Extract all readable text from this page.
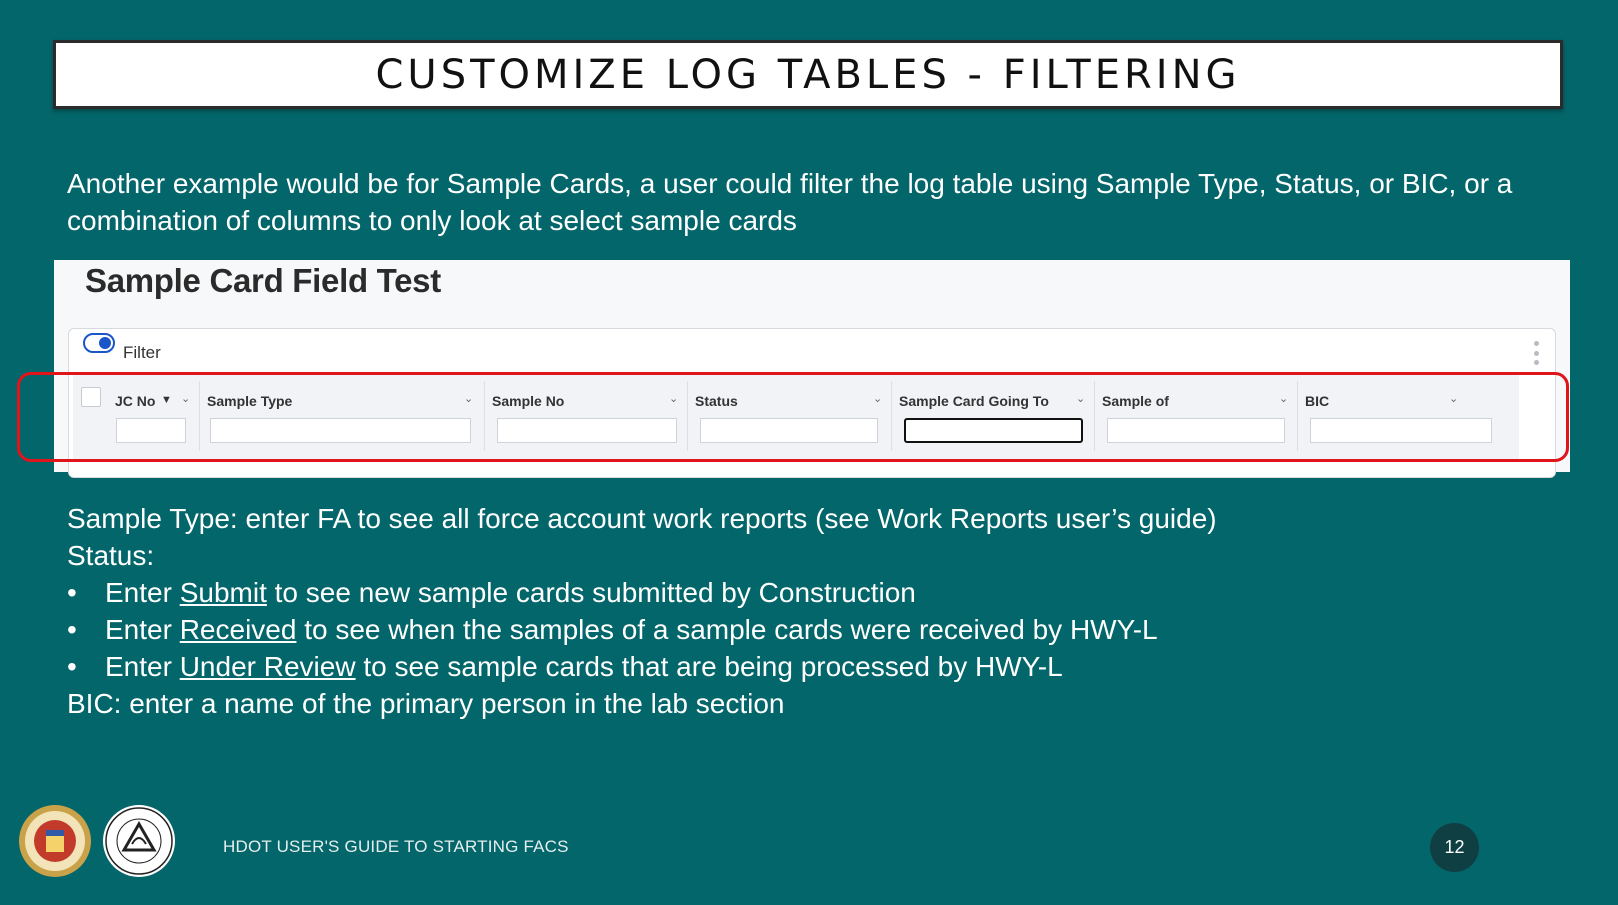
CUSTOMIZE LOG TABLES - FILTERING
Another example would be for Sample Cards, a user could filter the log table using Sample Type, Status, or BIC, or a combination of columns to only look at select sample cards
Sample Card Field Test
Filter
JC No ▼ ⌄ Sample Type	⌄ Sample No	⌄ Status	⌄ Sample Card Going To ⌄ Sample of	⌄ BIC	⌄
Sample Type: enter FA to see all force account work reports (see Work Reports user’s guide)
Status:
•	Enter Submit to see new sample cards submitted by Construction
•	Enter Received to see when the samples of a sample cards were received by HWY-L
•	Enter Under Review to see sample cards that are being processed by HWY-L
BIC: enter a name of the primary person in the lab section
HDOT USER'S GUIDE TO STARTING FACS	12
